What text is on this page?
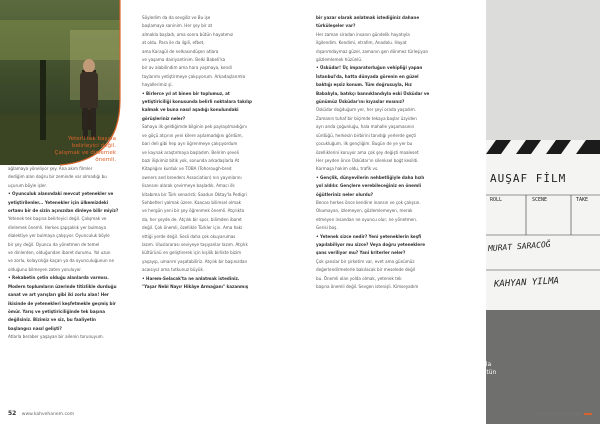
Yeterli tek başına
belirleyici değil.
Çalışmak ve dinlemek
önemli.

ağlamaya yöneliyor şey. Ana akım filmler

dediğim alan doğru bir zeminde var olmadığı bu

uçurum böyle işler.

• Oyunculuk alanındaki mevcut yetenekler ve

yetiştirilenler... Yetenekler için ülkemizdeki

ortamı bir de sizin açınızdan dinleye bilir miyiz?

Yetenek tek başına belirleyici değil. Çalışmak ve

dinlemek önemli. Herkes şapşaklık yer bulmaya

dialektiye yer bulmaya çalışıyor. Oyunculuk böyle

bir şey değil. Oyuncu da yönetmen de temel

ve dinlerden, olduğundan ibaret durumu. Yol uzun

ve zorlu, kolaycılığa kaçan ya da oyunculuğunun ne

olduğunu bilmeyen zaten yoruluyor.

• Rekabetin çetin olduğu alanlarda varmısı.

Modern toplumların üzerinde titizlikle durduğu

sanat ve art yarışları gibi iki zorlu alan! Her

ikisinde de yetenekleri keşfetmekle geçmiş bir

ömür. Yarış ve yetiştiriciliğinde tek başına

değilsiniz. Bizimiz ve siz, bu faaliyetin

başlangıcı nasıl gelişti?

Atlarla beraber yaşayan bir ailenin torunuyum.

Söyledim da da sevgiliz ve Bu işe

başlamaya saninim. Her şey bir at

almakla başladı, ama sonra bütün hayatımız

at oldu. Para ile da ilgili, efbet,

ama Karagül de nelkasındüşen atlara

ve yaşama dairiyantinim. Belki Babeli'ka

bir av alabilindim ama hara yaşmaya, kendi

taylarımı yetiştirmeye çalışıyorum. Arkadaşlarımla

hayallerimiz şi.

• Birlerce yıl at binen bir toplumuz, at

yetiştiriciliği konusunda belirli noktalara takılıp

kalmak ve buna nasıl aşadığı konulundaki

görüşleriniz neler?

Sahaya ilk geldiğimde bilginin pek paylaşılmadığını

ve göçü atçının yeni kilere aşılamadığını gördüm,

bari deli gibi hep ayrı öğrenmeye çalışıyordum

ve kaynak araştırmaya başladım. Belirim şeveli

bazı ilişkimiz bitik yok, sonunda arkadaşlarla At

Kitaplığını kurduk ve TOBA (Tohorough-bred

owners and breeders Association) nın yayınlarını

lisansını alarak çevirmeye başladık. Amacı ilk

kitabıma bir Türk senaristi; Saadun Oktay'la Pedigri

Sohbetleri yalmak üzere. Kaacası bilimsel olmak

ve hergün yeni bir şey öğrenmek önemli. Atçılıkta

da, her şeyde de. Atçılık bir spor, bilimden ibaret

değil. Çok önemli, özellikle Türkler için. Ama haki

ettiği yerde değil. Sesli daha çok okuyarumas

lazım. Uluslararası seviyeye taşıyanlar lazım. Atçılık

kültürünü en geliştirerek için kişilik birlikte bizim

yaşayıp, umarım yaşatabiliriz. Atçılık bir başınızdan

acaısıyız ama tutkunuz büyük.

• Harem-Selacak'ta ne anlatmak istediniz.

"Yaşar Nebi Nayır Hikâye Armağanı" kazanmış

bir yazar olarak anlatmak istediğiniz dahane

türküleşeler var?

Her zaman siradan insanın gündelik hayatıyla

ilgilendim. Kendimi, etrafım, Anadolu. Hayat

dışarımdaymaz güzel, zamanın gen dönmez türleşiyan

gözlemlemek hüzünlü.

• Üsküdar! Üç imparatorluğun vehipliği yapan

İstanbul'da, hatta dünyada görenin en güzel

baktığı eşsiz konum. Tüm doğrusuyla, Hız

Babalıyla, batıkçı bannıklandıyla eski Üsküdar ve

günümüz Üsküdar'ını kıyaslar mısınız?

Üsküdar doğduğum yer, her şeyi orada yaşadım.

Zamanın tuhaf bir biçimde tekaya başlar üzyiden

ayrı anda çoğunluğu, hala mahalle yaşamasının

sürdüğü, herkesin birbirini tanıdığı yerlerde geçti

çocukluğum, ilk gençliğim. Bugün de ye yer bu

özelliklerini koruyor ama çok şey değişti maalesef.

Her şeyden önce Üsküdar'ın silenksel boğt kesildi.

Karmaşa hakim oldu, trafik vs.

• Gençlik, dünyevilerin nehbetliğiyle daha hızlı

yol aldılır. Gençlere verebileceğiniz en önemli

öğütleriniz neler olurdu?

Bence herkes önce kendine inansın ve çok çalışsın.

Okumayan, izlemeyen, gözlemlemeyen, merak

etmeyen insandan ne oyuncu olur, ne yönetmen.

Gerisi boş.

• Yetenek sizce nedir? Yeni yeteneklerin keşfi

yapılabiliyor mu sizce? Veya doğru yeteneklere

şans veriliyor mu? Yani kriterler neler?

Çok şanslar bir şirketim var, evet ama günümüz

değerlendirmelerle bakılacak bir meselede değil

bu. Önemli olan yolda olmak, yetenek tek

başına önemli değil. Sevgen istenişli. Kimseyadım

AUŞAF FİLM
ROLL	SCENE	TAKE
MURAT SARACOĞ
KAHYAN YILMA
Her şey bir at almakla
başladı, ama sonra bütün
hayatımız at oldu.
52 www.kahvehanem.com	SÖYLEŞİ / DERGİSİ / EKİM
